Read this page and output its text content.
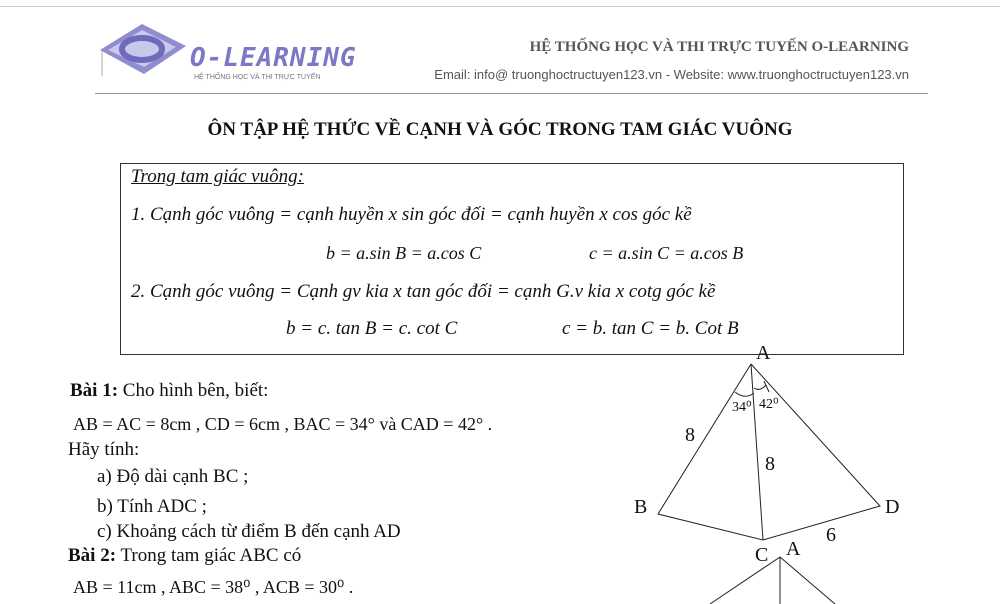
O-LEARNING
HỆ THỐNG HỌC VÀ THI TRỰC TUYẾN
HỆ THỐNG HỌC VÀ THI TRỰC TUYẾN O-LEARNING
Email: info@ truonghoctructuyen123.vn - Website: www.truonghoctructuyen123.vn
ÔN TẬP HỆ THỨC VỀ CẠNH VÀ GÓC TRONG TAM GIÁC VUÔNG
Trong tam giác vuông:
1. Cạnh góc vuông = cạnh huyền x sin góc đối = cạnh huyền x cos góc kề
b = a.sin B = a.cos C	c = a.sin C = a.cos B
2. Cạnh góc vuông = Cạnh gv kia x tan góc đối = cạnh G.v kia x cotg góc kề
b = c. tan B = c. cot C	c = b. tan C = b. Cot B
Bài 1: Cho hình bên, biết:
AB = AC = 8cm , CD = 6cm , BAC = 34° và CAD = 42° .
Hãy tính:
a) Độ dài cạnh BC ;
b) Tính ADC ;
c) Khoảng cách từ điểm B đến cạnh AD
Bài 2: Trong tam giác ABC có
AB = 11cm , ABC = 38⁰ , ACB = 30⁰ .
A
B
C
D
A
8
8
6
34⁰ 42⁰
